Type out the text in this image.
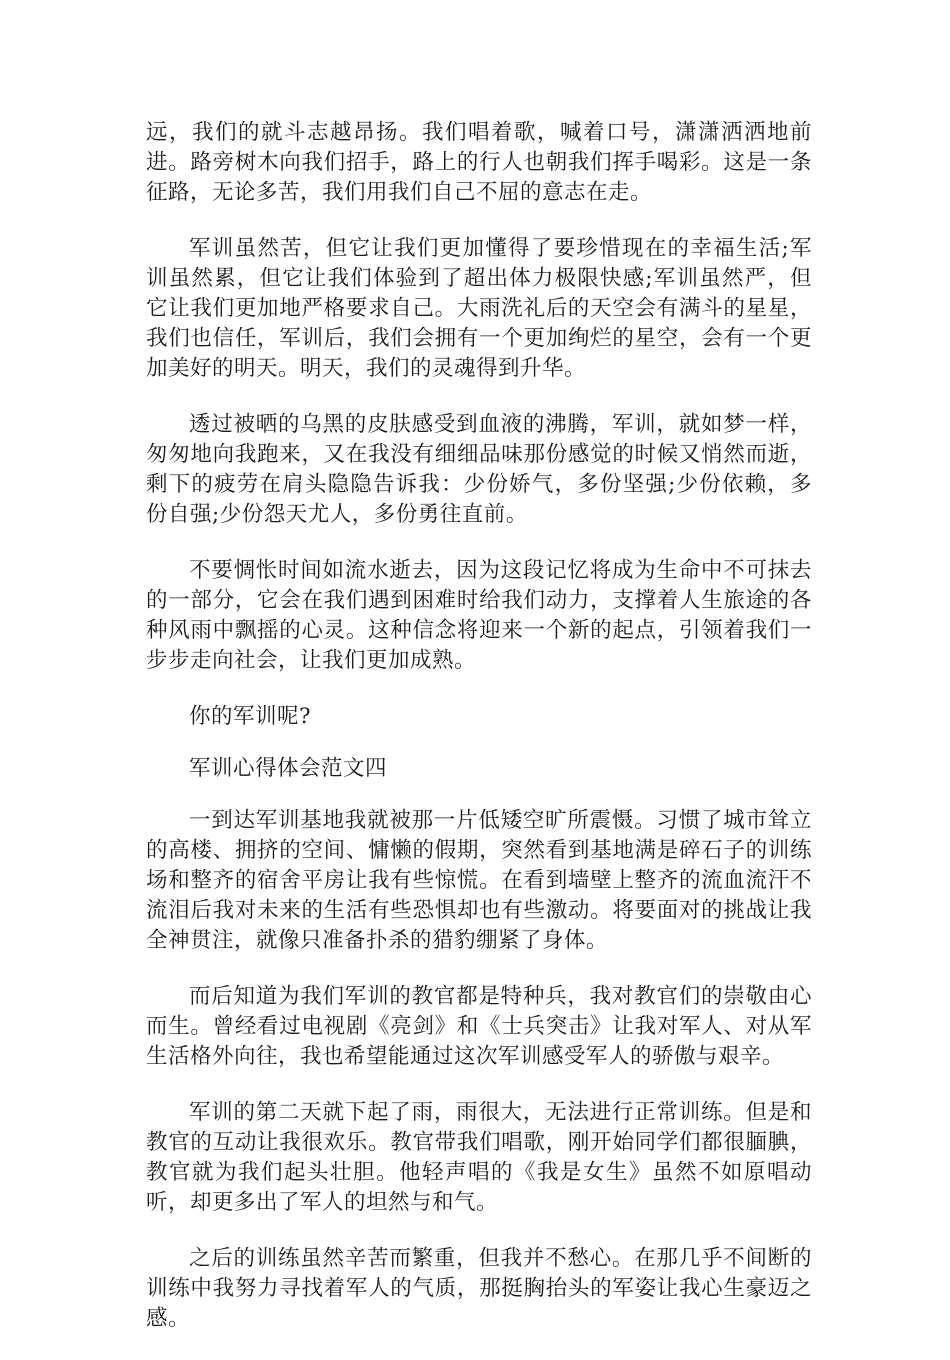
远，我们的就斗志越昂扬。我们唱着歌，喊着口号，潇潇洒洒地前进。路旁树木向我们招手，路上的行人也朝我们挥手喝彩。这是一条征路，无论多苦，我们用我们自己不屈的意志在走。

军训虽然苦，但它让我们更加懂得了要珍惜现在的幸福生活;军训虽然累，但它让我们体验到了超出体力极限快感;军训虽然严，但它让我们更加地严格要求自己。大雨洗礼后的天空会有满斗的星星，我们也信任，军训后，我们会拥有一个更加绚烂的星空，会有一个更加美好的明天。明天，我们的灵魂得到升华。

透过被晒的乌黑的皮肤感受到血液的沸腾，军训，就如梦一样，匆匆地向我跑来，又在我没有细细品味那份感觉的时候又悄然而逝，剩下的疲劳在肩头隐隐告诉我：少份娇气，多份坚强;少份依赖，多份自强;少份怨天尤人，多份勇往直前。

不要惆怅时间如流水逝去，因为这段记忆将成为生命中不可抹去的一部分，它会在我们遇到困难时给我们动力，支撑着人生旅途的各种风雨中飘摇的心灵。这种信念将迎来一个新的起点，引领着我们一步步走向社会，让我们更加成熟。

你的军训呢?

军训心得体会范文四

一到达军训基地我就被那一片低矮空旷所震慑。习惯了城市耸立的高楼、拥挤的空间、慵懒的假期，突然看到基地满是碎石子的训练场和整齐的宿舍平房让我有些惊慌。在看到墙壁上整齐的流血流汗不流泪后我对未来的生活有些恐惧却也有些激动。将要面对的挑战让我全神贯注，就像只准备扑杀的猎豹绷紧了身体。

而后知道为我们军训的教官都是特种兵，我对教官们的崇敬由心而生。曾经看过电视剧《亮剑》和《士兵突击》让我对军人、对从军生活格外向往，我也希望能通过这次军训感受军人的骄傲与艰辛。

军训的第二天就下起了雨，雨很大，无法进行正常训练。但是和教官的互动让我很欢乐。教官带我们唱歌，刚开始同学们都很腼腆，教官就为我们起头壮胆。他轻声唱的《我是女生》虽然不如原唱动听，却更多出了军人的坦然与和气。

之后的训练虽然辛苦而繁重，但我并不愁心。在那几乎不间断的训练中我努力寻找着军人的气质，那挺胸抬头的军姿让我心生豪迈之感。
